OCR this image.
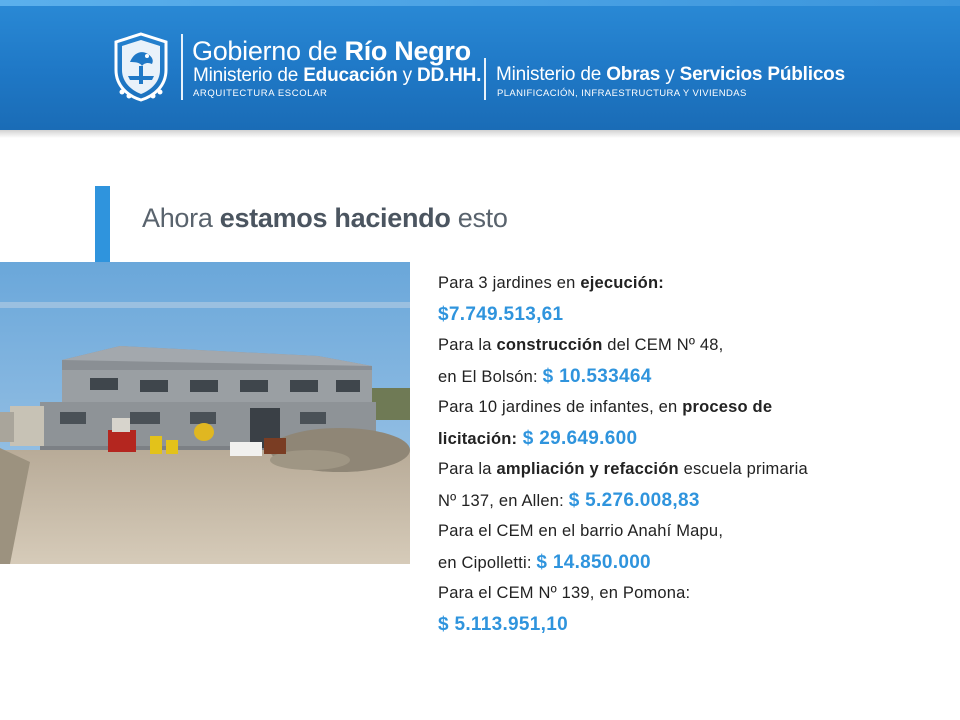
Gobierno de Río Negro
Ministerio de Educación y DD.HH.
ARQUITECTURA ESCOLAR
Ministerio de Obras y Servicios Públicos
PLANIFICACIÓN, INFRAESTRUCTURA Y VIVIENDAS
Ahora estamos haciendo esto
Para 3 jardines en ejecución:
$7.749.513,61
Para la construcción del CEM Nº 48,
en El Bolsón: $ 10.533464
Para 10 jardines de infantes, en proceso de
licitación: $ 29.649.600
Para la ampliación y refacción escuela primaria
Nº 137, en Allen: $ 5.276.008,83
Para el CEM en el barrio Anahí Mapu,
en Cipolletti: $ 14.850.000
Para el CEM Nº 139, en Pomona:
$ 5.113.951,10
